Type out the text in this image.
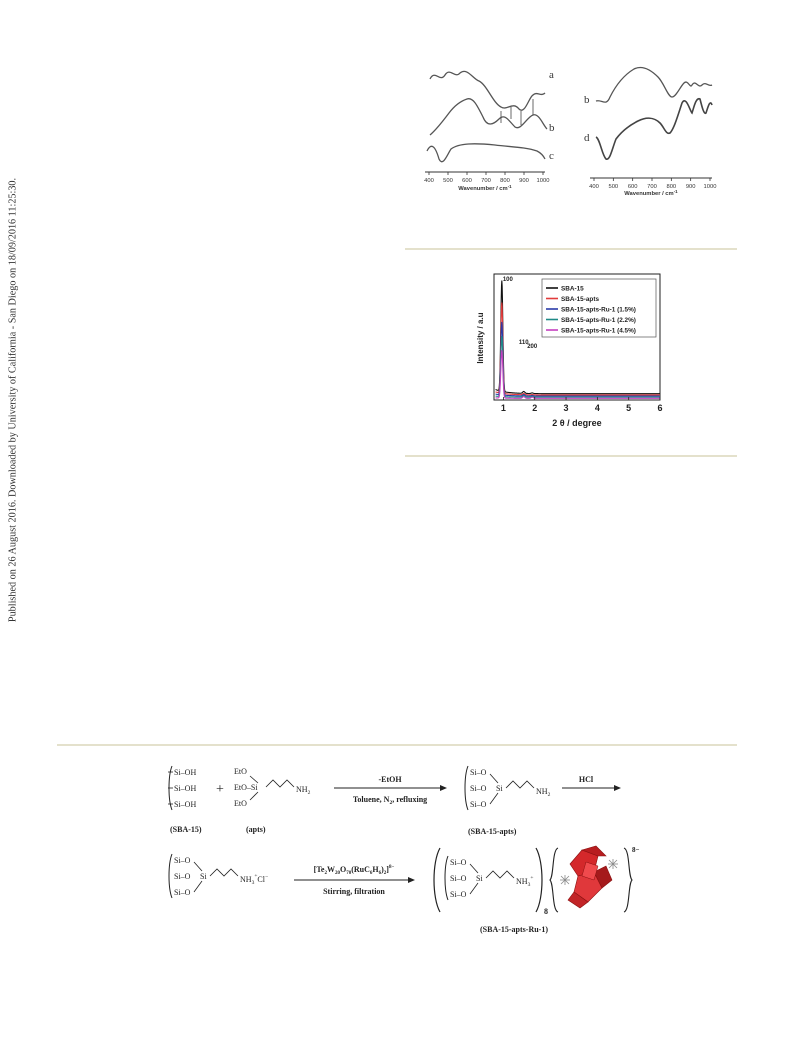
Published on 26 August 2016. Downloaded by University of California - San Diego on 18/09/2016 11:25:30.
a
b
c
400 500 600 700 800 900 1000
Wavenumber / $cm^{-1}$
b
d
400 500 600 700 800 900 1000
Wavenumber / $cm^{-1}$
1	2	3	4	5	6
100
110
200
SBA-15
SBA-15-apts
SBA-15-apts-Ru-1 (1.5%)
SBA-15-apts-Ru-1 (2.2%)
SBA-15-apts-Ru-1 (4.5%)
Intensity / a.u
2 θ / degree
Si–OH
Si–OH
Si–OH
(SBA-15)
+
EtO
EtO–Si
EtO
$NH_2$
(apts)
-EtOH
Toluene, $N_2$, refluxing
Si–O
Si–O
Si–O
Si	$NH_2$
(SBA-15-apts)
HCl
Si–O
Si–O
Si–O
Si	$NH_3^+Cl^-$
$[Te_2W_{20}O_{70}(RuC_6H_6)_2]^{8-}$
Stirring, filtration
Si–O
Si–O
Si–O
Si	$NH_3^+$
8
8−
(SBA-15-apts-Ru-1)
